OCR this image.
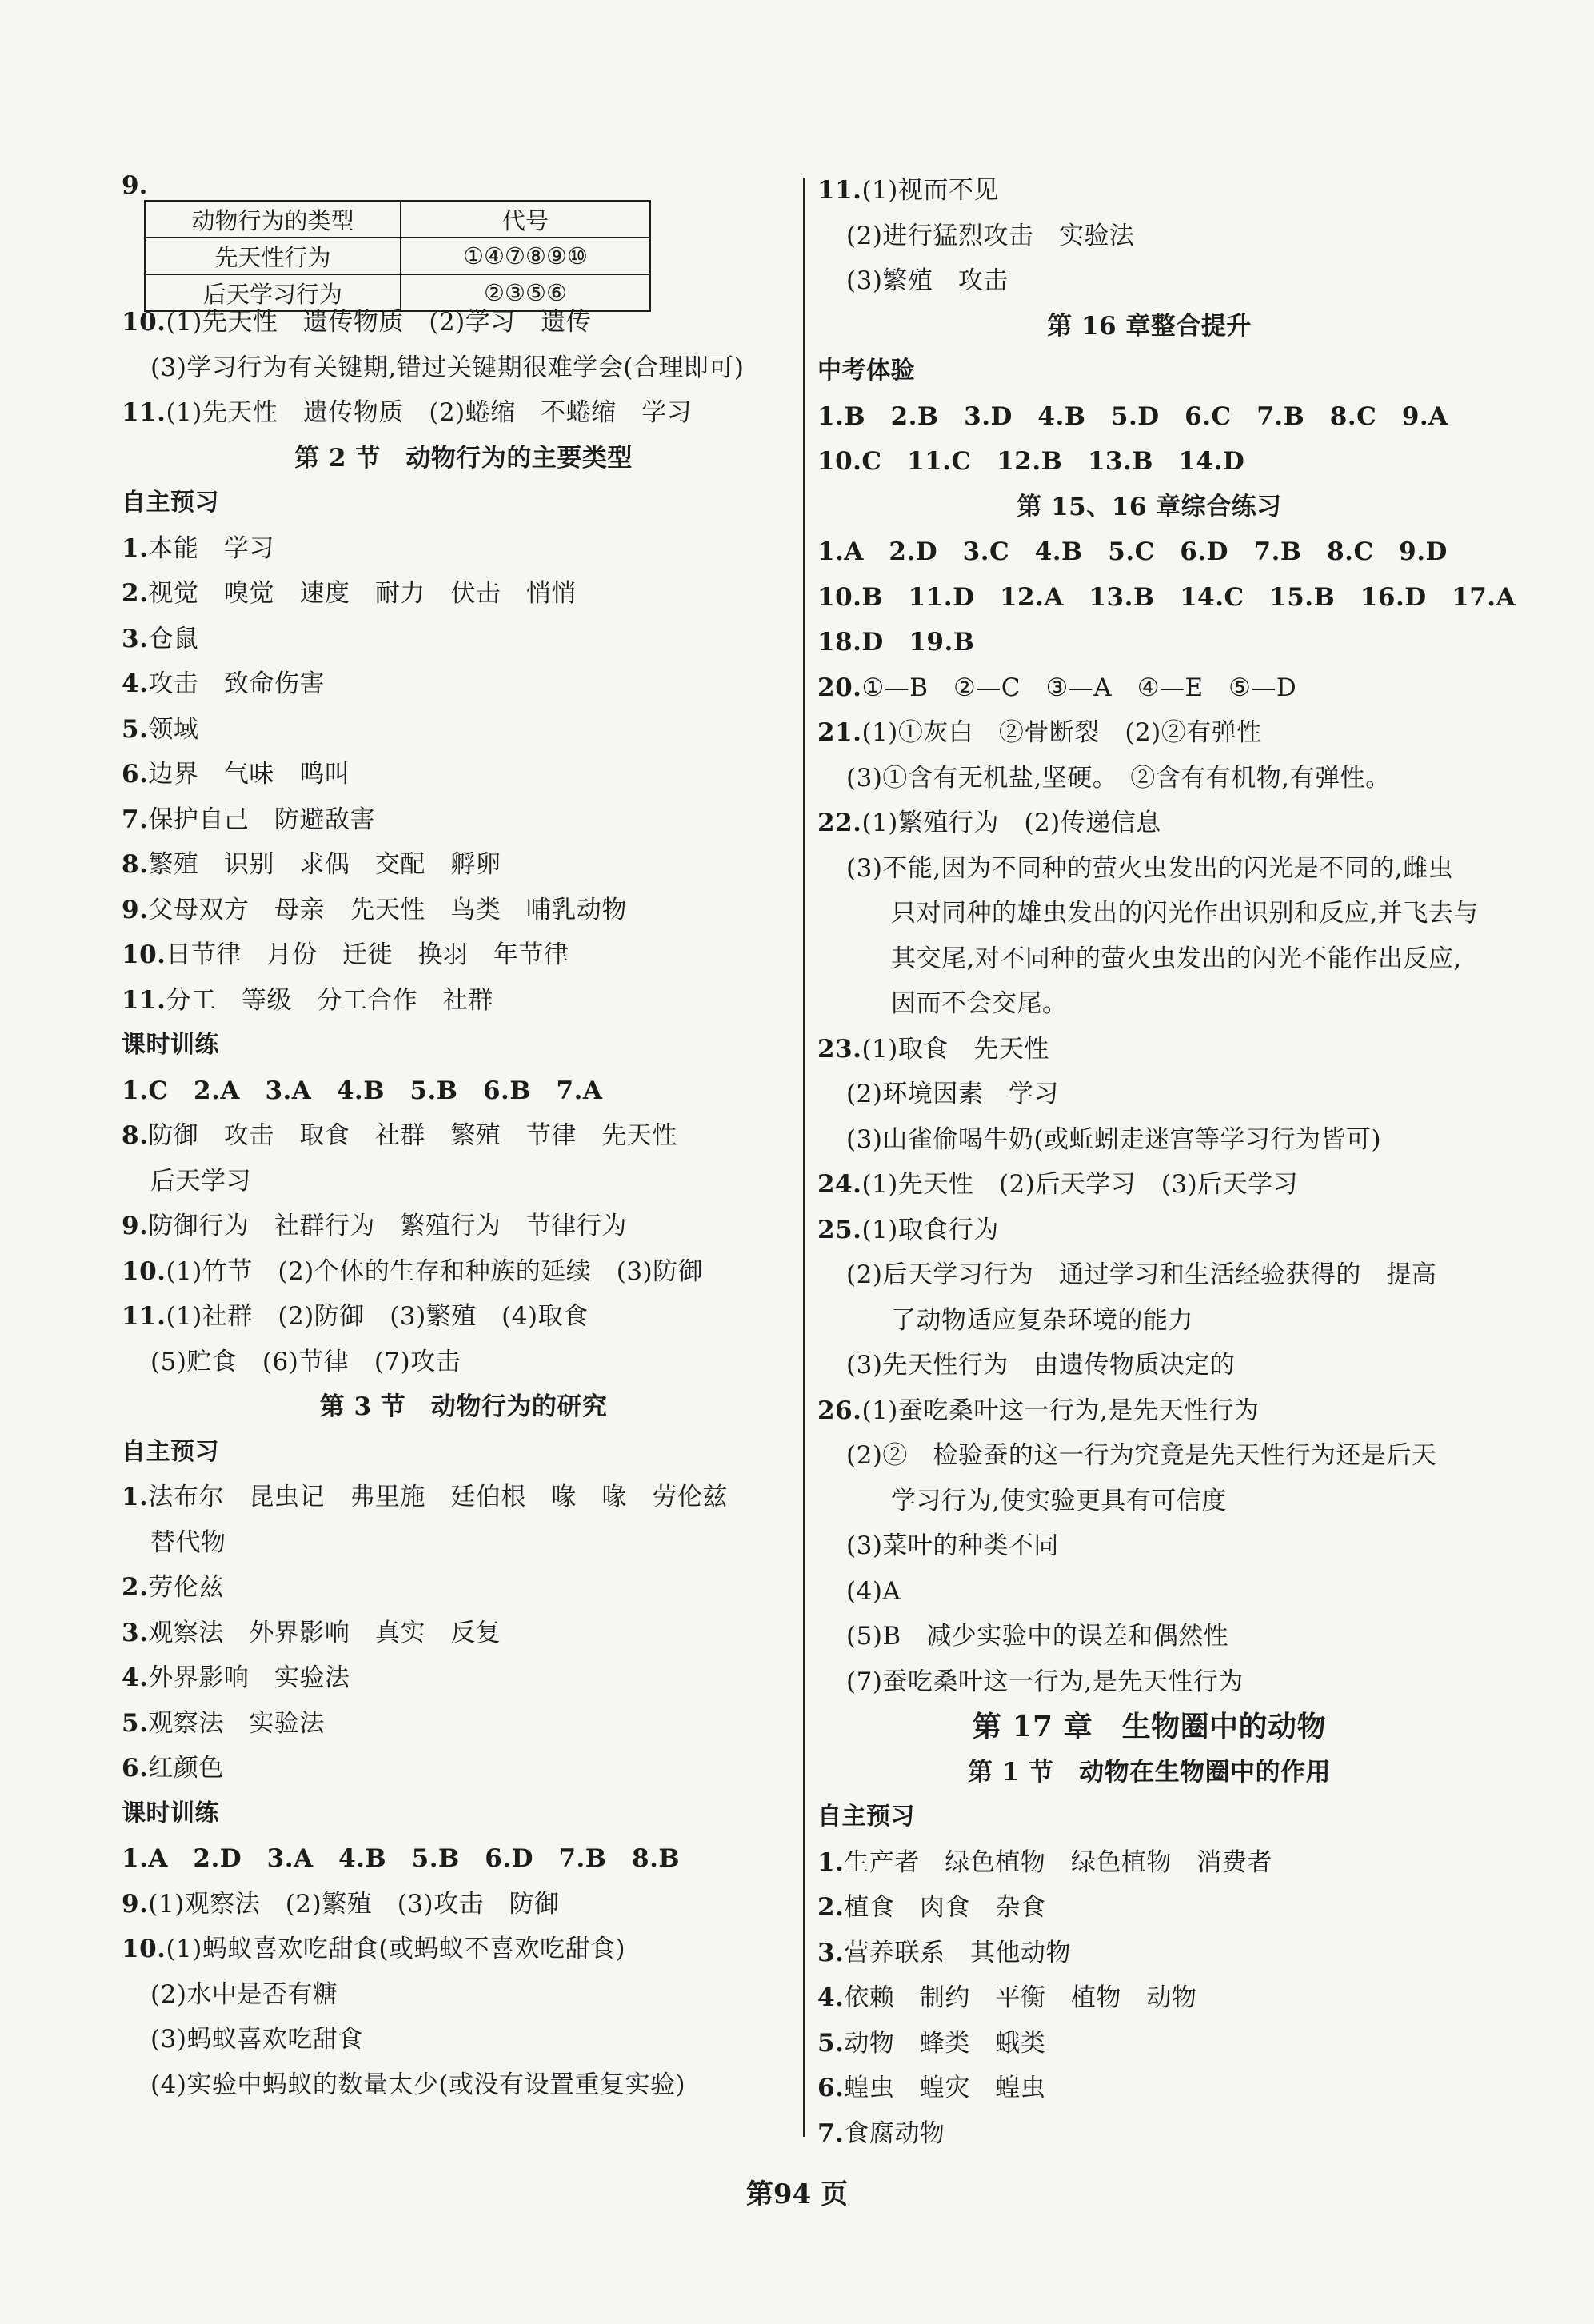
9.
动物行为的类型	代号
先天性行为	①④⑦⑧⑨⑩
后天学习行为	②③⑤⑥
10.(1)先天性　遗传物质　(2)学习　遗传
(3)学习行为有关键期,错过关键期很难学会(合理即可)
11.(1)先天性　遗传物质　(2)蜷缩　不蜷缩　学习
第 2 节　动物行为的主要类型
自主预习
1.本能　学习
2.视觉　嗅觉　速度　耐力　伏击　悄悄
3.仓鼠
4.攻击　致命伤害
5.领域
6.边界　气味　鸣叫
7.保护自己　防避敌害
8.繁殖　识别　求偶　交配　孵卵
9.父母双方　母亲　先天性　鸟类　哺乳动物
10.日节律　月份　迁徙　换羽　年节律
11.分工　等级　分工合作　社群
课时训练
1.C　2.A　3.A　4.B　5.B　6.B　7.A
8.防御　攻击　取食　社群　繁殖　节律　先天性
后天学习
9.防御行为　社群行为　繁殖行为　节律行为
10.(1)竹节　(2)个体的生存和种族的延续　(3)防御
11.(1)社群　(2)防御　(3)繁殖　(4)取食
(5)贮食　(6)节律　(7)攻击
第 3 节　动物行为的研究
自主预习
1.法布尔　昆虫记　弗里施　廷伯根　喙　喙　劳伦兹
替代物
2.劳伦兹
3.观察法　外界影响　真实　反复
4.外界影响　实验法
5.观察法　实验法
6.红颜色
课时训练
1.A　2.D　3.A　4.B　5.B　6.D　7.B　8.B
9.(1)观察法　(2)繁殖　(3)攻击　防御
10.(1)蚂蚁喜欢吃甜食(或蚂蚁不喜欢吃甜食)
(2)水中是否有糖
(3)蚂蚁喜欢吃甜食
(4)实验中蚂蚁的数量太少(或没有设置重复实验)
11.(1)视而不见
(2)进行猛烈攻击　实验法
(3)繁殖　攻击
第 16 章整合提升
中考体验
1.B　2.B　3.D　4.B　5.D　6.C　7.B　8.C　9.A
10.C　11.C　12.B　13.B　14.D
第 15、16 章综合练习
1.A　2.D　3.C　4.B　5.C　6.D　7.B　8.C　9.D
10.B　11.D　12.A　13.B　14.C　15.B　16.D　17.A
18.D　19.B
20.①—B　②—C　③—A　④—E　⑤—D
21.(1)①灰白　②骨断裂　(2)②有弹性
(3)①含有无机盐,坚硬。　②含有有机物,有弹性。
22.(1)繁殖行为　(2)传递信息
(3)不能,因为不同种的萤火虫发出的闪光是不同的,雌虫
只对同种的雄虫发出的闪光作出识别和反应,并飞去与
其交尾,对不同种的萤火虫发出的闪光不能作出反应,
因而不会交尾。
23.(1)取食　先天性
(2)环境因素　学习
(3)山雀偷喝牛奶(或蚯蚓走迷宫等学习行为皆可)
24.(1)先天性　(2)后天学习　(3)后天学习
25.(1)取食行为
(2)后天学习行为　通过学习和生活经验获得的　提高
了动物适应复杂环境的能力
(3)先天性行为　由遗传物质决定的
26.(1)蚕吃桑叶这一行为,是先天性行为
(2)②　检验蚕的这一行为究竟是先天性行为还是后天
学习行为,使实验更具有可信度
(3)菜叶的种类不同
(4)A
(5)B　减少实验中的误差和偶然性
(7)蚕吃桑叶这一行为,是先天性行为
第 17 章　生物圈中的动物
第 1 节　动物在生物圈中的作用
自主预习
1.生产者　绿色植物　绿色植物　消费者
2.植食　肉食　杂食
3.营养联系　其他动物
4.依赖　制约　平衡　植物　动物
5.动物　蜂类　蛾类
6.蝗虫　蝗灾　蝗虫
7.食腐动物
第94 页
